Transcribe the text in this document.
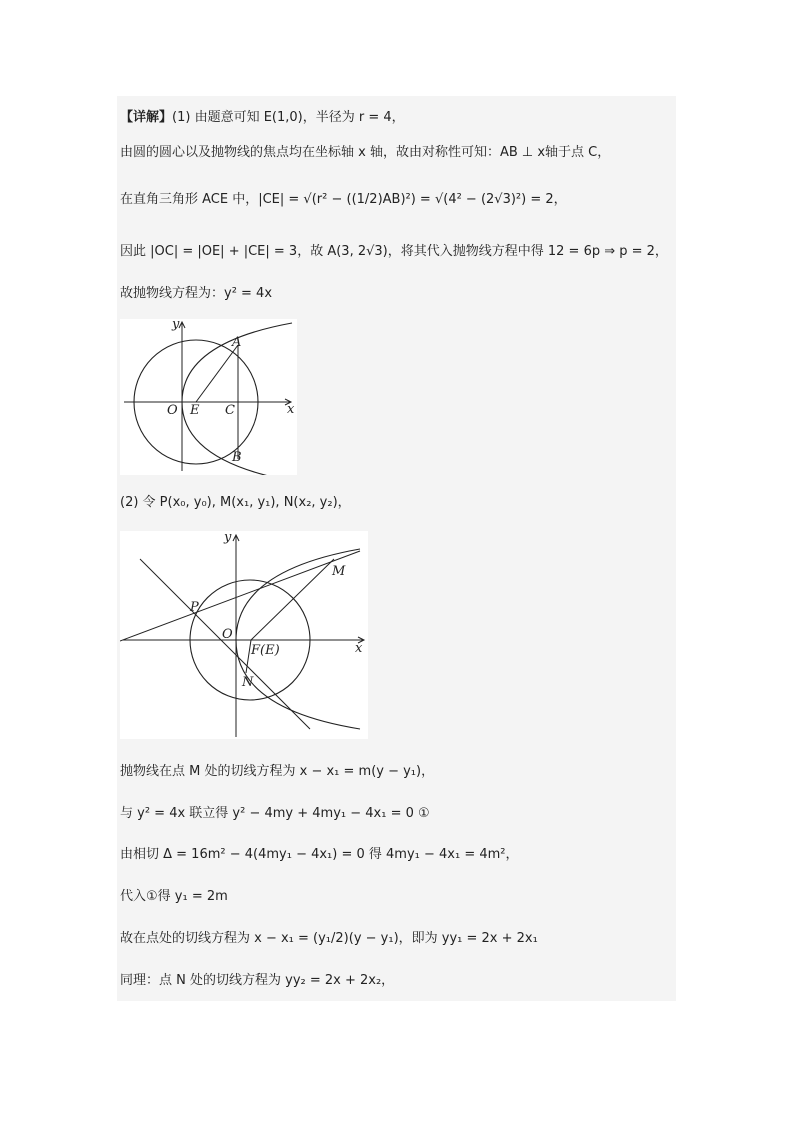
【详解】(1) 由题意可知 E(1,0)，半径为 r = 4，
由圆的圆心以及抛物线的焦点均在坐标轴 x 轴，故由对称性可知：AB ⊥ x轴于点 C，
在直角三角形 ACE 中，|CE| = √(r² − ((1/2)AB)²) = √(4² − (2√3)²) = 2，
因此 |OC| = |OE| + |CE| = 3，故 A(3, 2√3)，将其代入抛物线方程中得 12 = 6p ⇒ p = 2，
故抛物线方程为：y² = 4x
y
x
O E C
A
B
(2) 令 P(x₀, y₀), M(x₁, y₁), N(x₂, y₂)，
y
x
O
P
M
N
F(E)
抛物线在点 M 处的切线方程为 x − x₁ = m(y − y₁)，
与 y² = 4x 联立得 y² − 4my + 4my₁ − 4x₁ = 0 ①
由相切 Δ = 16m² − 4(4my₁ − 4x₁) = 0 得 4my₁ − 4x₁ = 4m²，
代入①得 y₁ = 2m
故在点处的切线方程为 x − x₁ = (y₁/2)(y − y₁)，即为 yy₁ = 2x + 2x₁
同理：点 N 处的切线方程为 yy₂ = 2x + 2x₂，
